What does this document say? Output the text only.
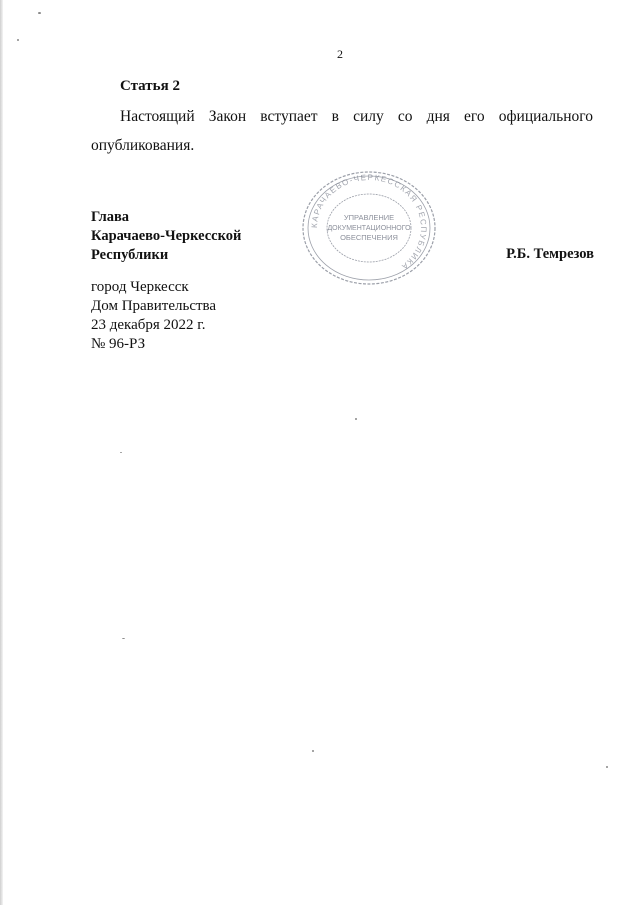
2
Статья 2

Настоящий Закон вступает в силу со дня его официального опубликования.

Глава
Карачаево-Черкесской
Республики	Р.Б. Темрезов
город Черкесск
Дом Правительства
23 декабря 2022 г.
№ 96-РЗ
КАРАЧАЕВО-ЧЕРКЕССКАЯ РЕСПУБЛИКА
УПРАВЛЕНИЕ
ДОКУМЕНТАЦИОННОГО
ОБЕСПЕЧЕНИЯ
